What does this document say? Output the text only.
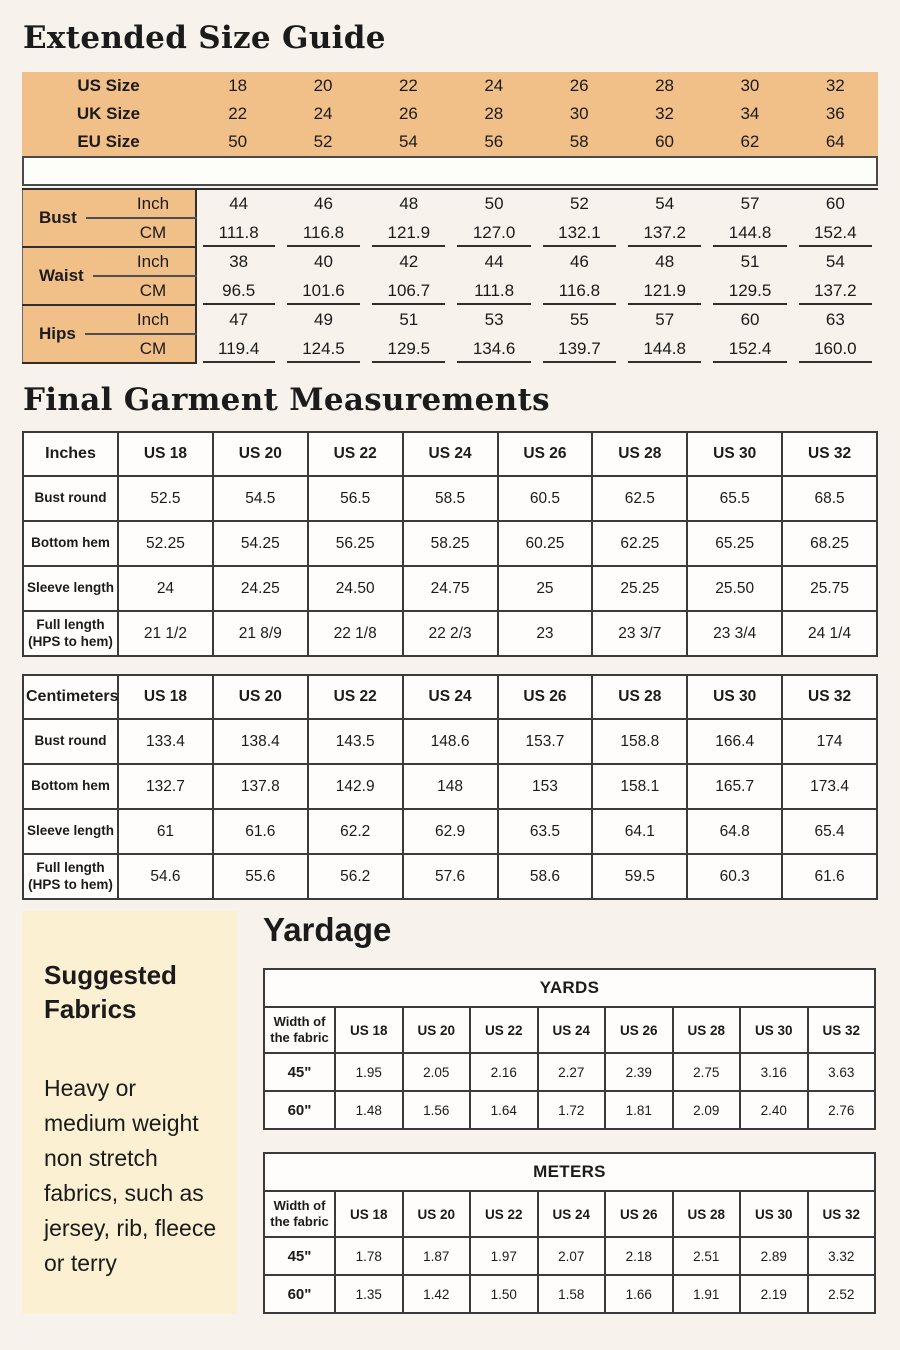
Extended Size Guide
US Size	18	20	22	24	26	28	30	32
UK Size	22	24	26	28	30	32	34	36
EU Size	50	52	54	56	58	60	62	64
Bust	Inch	44	46	48	50	52	54	57	60
	CM	111.8	116.8	121.9	127.0	132.1	137.2	144.8	152.4

Waist	Inch	38	40	42	44	46	48	51	54
	CM	96.5	101.6	106.7	111.8	116.8	121.9	129.5	137.2

Hips	Inch	47	49	51	53	55	57	60	63
	CM	119.4	124.5	129.5	134.6	139.7	144.8	152.4	160.0
Final Garment Measurements
Inches	US 18	US 20	US 22	US 24	US 26	US 28	US 30	US 32
Bust round	52.5	54.5	56.5	58.5	60.5	62.5	65.5	68.5
Bottom hem	52.25	54.25	56.25	58.25	60.25	62.25	65.25	68.25
Sleeve length	24	24.25	24.50	24.75	25	25.25	25.50	25.75
Full length (HPS to hem)	21 1/2	21 8/9	22 1/8	22 2/3	23	23 3/7	23 3/4	24 1/4
Centimeters	US 18	US 20	US 22	US 24	US 26	US 28	US 30	US 32
Bust round	133.4	138.4	143.5	148.6	153.7	158.8	166.4	174
Bottom hem	132.7	137.8	142.9	148	153	158.1	165.7	173.4
Sleeve length	61	61.6	62.2	62.9	63.5	64.1	64.8	65.4
Full length (HPS to hem)	54.6	55.6	56.2	57.6	58.6	59.5	60.3	61.6
Suggested Fabrics
Heavy or medium weight non stretch fabrics, such as jersey, rib, fleece or terry
Yardage
YARDS								
Width of the fabric	US 18	US 20	US 22	US 24	US 26	US 28	US 30	US 32
45"	1.95	2.05	2.16	2.27	2.39	2.75	3.16	3.63
60"	1.48	1.56	1.64	1.72	1.81	2.09	2.40	2.76
METERS								
Width of the fabric	US 18	US 20	US 22	US 24	US 26	US 28	US 30	US 32
45"	1.78	1.87	1.97	2.07	2.18	2.51	2.89	3.32
60"	1.35	1.42	1.50	1.58	1.66	1.91	2.19	2.52
